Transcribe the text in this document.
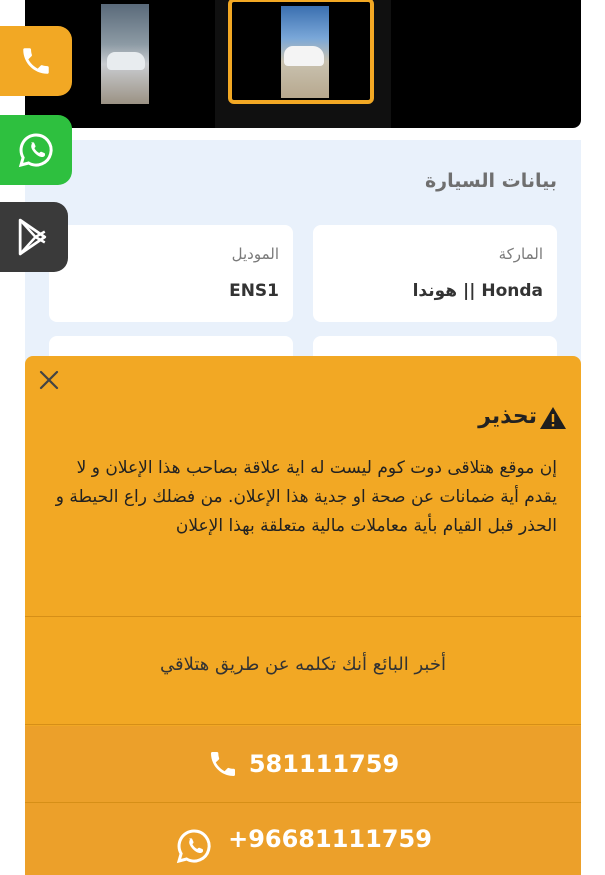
بيانات السيارة
الماركة
هوندا || Honda
الموديل
ENS1
تحذير
إن موقع هتلاقى دوت كوم ليست له اية علاقة بصاحب هذا الإعلان و لا يقدم أية ضمانات عن صحة او جدية هذا الإعلان. من فضلك راع الحيطة و الحذر قبل القيام بأية معاملات مالية متعلقة بهذا الإعلان
أخبر البائع أنك تكلمه عن طريق هتلاقي
581111759
+96681111759
